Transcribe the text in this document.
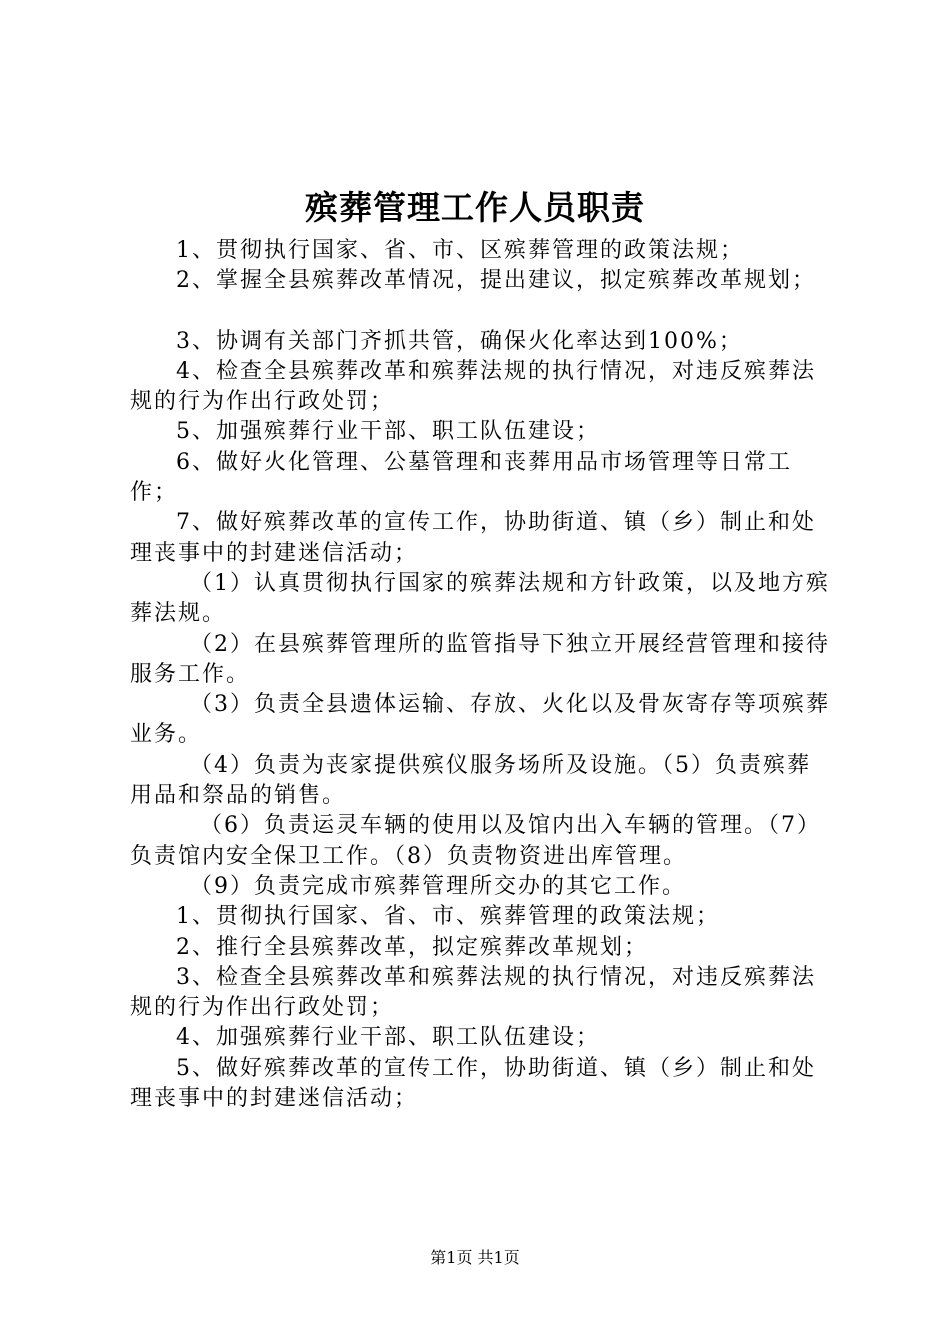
殡葬管理工作人员职责

1、贯彻执行国家、省、市、区殡葬管理的政策法规；

2、掌握全县殡葬改革情况，提出建议，拟定殡葬改革规划；

3、协调有关部门齐抓共管，确保火化率达到100%；

4、检查全县殡葬改革和殡葬法规的执行情况，对违反殡葬法规的行为作出行政处罚；

5、加强殡葬行业干部、职工队伍建设；

6、做好火化管理、公墓管理和丧葬用品市场管理等日常工作；

7、做好殡葬改革的宣传工作，协助街道、镇（乡）制止和处理丧事中的封建迷信活动；

（1）认真贯彻执行国家的殡葬法规和方针政策，以及地方殡葬法规。

（2）在县殡葬管理所的监管指导下独立开展经营管理和接待服务工作。

（3）负责全县遗体运输、存放、火化以及骨灰寄存等项殡葬业务。

（4）负责为丧家提供殡仪服务场所及设施。（5）负责殡葬用品和祭品的销售。

（6）负责运灵车辆的使用以及馆内出入车辆的管理。（7）负责馆内安全保卫工作。（8）负责物资进出库管理。

（9）负责完成市殡葬管理所交办的其它工作。

1、贯彻执行国家、省、市、殡葬管理的政策法规；

2、推行全县殡葬改革，拟定殡葬改革规划；

3、检查全县殡葬改革和殡葬法规的执行情况，对违反殡葬法规的行为作出行政处罚；

4、加强殡葬行业干部、职工队伍建设；

5、做好殡葬改革的宣传工作，协助街道、镇（乡）制止和处理丧事中的封建迷信活动；

第1页 共1页
